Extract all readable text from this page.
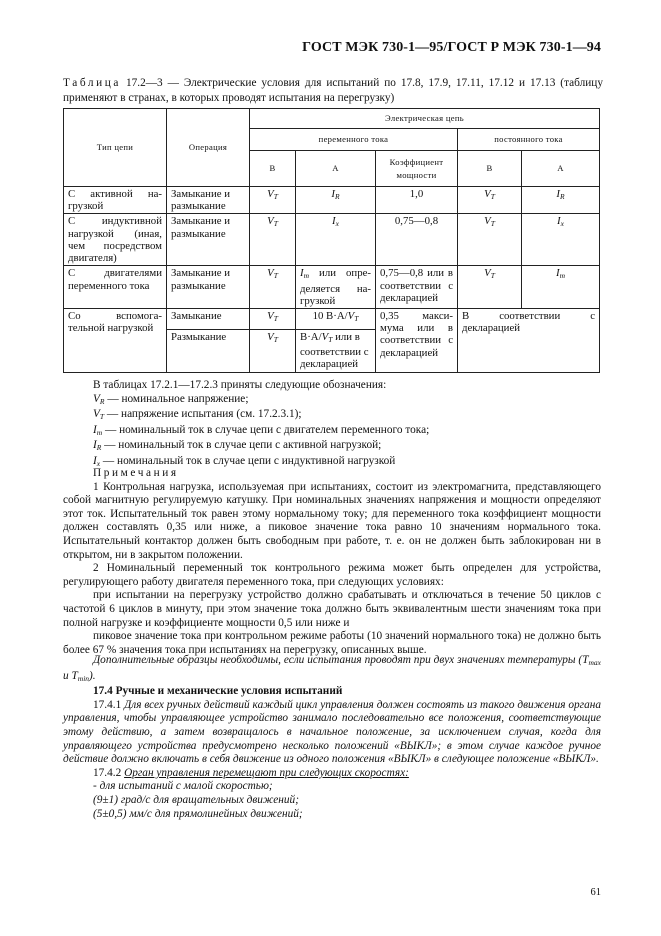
ГОСТ МЭК 730-1—95/ГОСТ Р МЭК 730-1—94
Таблица 17.2—3 — Электрические условия для испытаний по 17.8, 17.9, 17.11, 17.12 и 17.13 (таблицу применяют в странах, в которых проводят испытания на перегрузку)
Тип цепи	Операция	Электрическая цепь				
		переменного тока			постоянного тока	
		В	А	Коэффициент мощности	В	А
С активной на-грузкой	Замыкание и размыкание	$V_T$	$I_R$	1,0	$V_T$	$I_R$
С индуктивной нагрузкой (иная, чем посредством двигателя)	Замыкание и размыкание	$V_T$	$I_x$	0,75—0,8	$V_T$	$I_x$
С двигателями переменного тока	Замыкание и размыкание	$V_T$	$I_m$ или опре-деляется на-грузкой	0,75—0,8 или в соответствии с декларацией	$V_T$	$I_m$
Со вспомога-тельной нагрузкой	Замыкание	$V_T$	10 $В\cdot А/V_T$	0,35 макси-мума или в соответствии с декларацией	В соответствии с декларацией	
	Размыкание	$V_T$	$В\cdot А/V_T$ или в соответствии с декларацией			
В таблицах 17.2.1—17.2.3 приняты следующие обозначения:
$V_R$ — номинальное напряжение;
$V_T$ — напряжение испытания (см. 17.2.3.1);
$I_m$ — номинальный ток в случае цепи с двигателем переменного тока;
$I_R$ — номинальный ток в случае цепи с активной нагрузкой;
$I_x$ — номинальный ток в случае цепи с индуктивной нагрузкой

Примечания

1 Контрольная нагрузка, используемая при испытаниях, состоит из электромагнита, представляющего собой магнитную регулируемую катушку. При номинальных значениях напряжения и мощности определяют этот ток. Испытательный ток равен этому нормальному току; для переменного тока коэффициент мощности должен составлять 0,35 или ниже, а пиковое значение тока равно 10 значениям нормального тока. Испытательный контактор должен быть свободным при работе, т. е. он не должен быть заблокирован ни в открытом, ни в закрытом положении.

2 Номинальный переменный ток контрольного режима может быть определен для устройства, регулирующего работу двигателя переменного тока, при следующих условиях:

при испытании на перегрузку устройство должно срабатывать и отключаться в течение 50 циклов с частотой 6 циклов в минуту, при этом значение тока должно быть эквивалентным шести значениям тока при полной нагрузке и коэффициенте мощности 0,5 или ниже и

пиковое значение тока при контрольном режиме работы (10 значений нормального тока) не должно быть более 67 % значения тока при испытаниях на перегрузку, описанных выше.

Дополнительные образцы необходимы, если испытания проводят при двух значениях температуры (Tmax и Tmin).

17.4 Ручные и механические условия испытаний

17.4.1 Для всех ручных действий каждый цикл управления должен состоять из такого движения органа управления, чтобы управляющее устройство занимало последовательно все положения, соответствующие этому действию, а затем возвращалось в начальное положение, за исключением случая, когда для управляющего устройства предусмотрено несколько положений «ВЫКЛ»; в этом случае каждое ручное действие должно включать в себя движение из одного положения «ВЫКЛ» в следующее положение «ВЫКЛ».

17.4.2 Орган управления перемещают при следующих скоростях:

- для испытаний с малой скоростью;

(9±1) град/с для вращательных движений;

(5±0,5) мм/с для прямолинейных движений;

61
